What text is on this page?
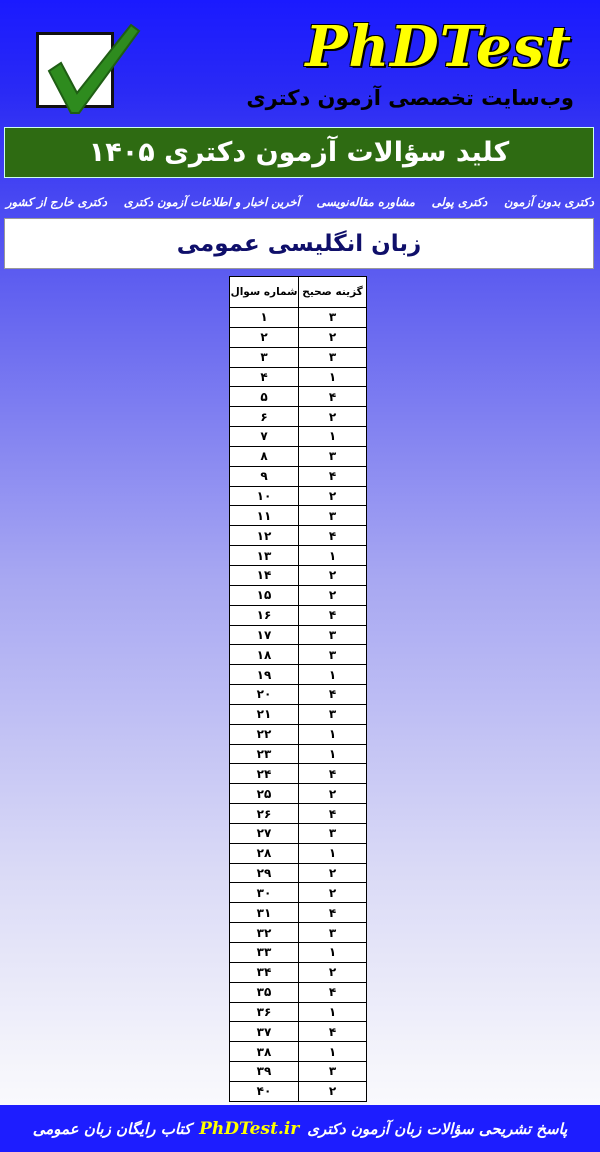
PhDTest
وب‌سایت تخصصی آزمون دکتری
کلید سؤالات آزمون دکتری ۱۴۰۵
دکتری بدون آزمون
دکتری پولی
مشاوره مقاله‌نویسی
آخرین اخبار و اطلاعات آزمون دکتری
دکتری خارج از کشور
زبان انگلیسی عمومی
شماره سوال	گزینه صحیح
۱	۳
۲	۲
۳	۳
۴	۱
۵	۴
۶	۲
۷	۱
۸	۳
۹	۴
۱۰	۲
۱۱	۳
۱۲	۴
۱۳	۱
۱۴	۲
۱۵	۲
۱۶	۴
۱۷	۳
۱۸	۳
۱۹	۱
۲۰	۴
۲۱	۳
۲۲	۱
۲۳	۱
۲۴	۴
۲۵	۲
۲۶	۴
۲۷	۳
۲۸	۱
۲۹	۲
۳۰	۲
۳۱	۴
۳۲	۳
۳۳	۱
۳۴	۲
۳۵	۴
۳۶	۱
۳۷	۴
۳۸	۱
۳۹	۳
۴۰	۲
پاسخ تشریحی سؤالات زبان آزمون دکتری
PhDTest.ir
کتاب رایگان زبان عمومی
